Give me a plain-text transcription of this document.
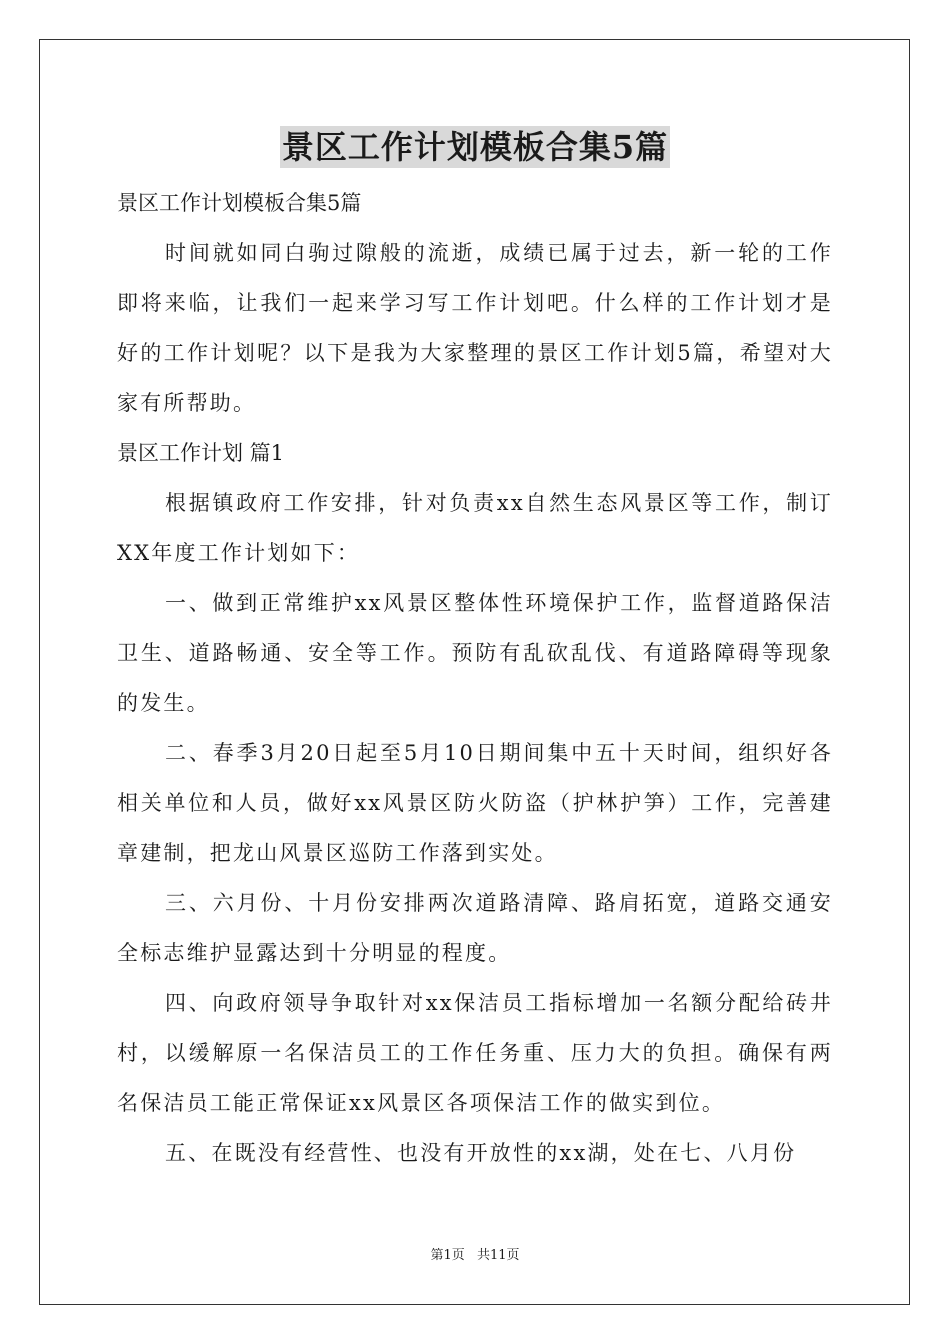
景区工作计划模板合集5篇
景区工作计划模板合集5篇

时间就如同白驹过隙般的流逝，成绩已属于过去，新一轮的工作即将来临，让我们一起来学习写工作计划吧。什么样的工作计划才是好的工作计划呢？以下是我为大家整理的景区工作计划5篇，希望对大家有所帮助。

景区工作计划 篇1

根据镇政府工作安排，针对负责xx自然生态风景区等工作，制订XX年度工作计划如下：

一、做到正常维护xx风景区整体性环境保护工作，监督道路保洁卫生、道路畅通、安全等工作。预防有乱砍乱伐、有道路障碍等现象的发生。

二、春季3月20日起至5月10日期间集中五十天时间，组织好各相关单位和人员，做好xx风景区防火防盗（护林护笋）工作，完善建章建制，把龙山风景区巡防工作落到实处。

三、六月份、十月份安排两次道路清障、路肩拓宽，道路交通安全标志维护显露达到十分明显的程度。

四、向政府领导争取针对xx保洁员工指标增加一名额分配给砖井村，以缓解原一名保洁员工的工作任务重、压力大的负担。确保有两名保洁员工能正常保证xx风景区各项保洁工作的做实到位。

五、在既没有经营性、也没有开放性的xx湖，处在七、八月份

第1页 共11页
